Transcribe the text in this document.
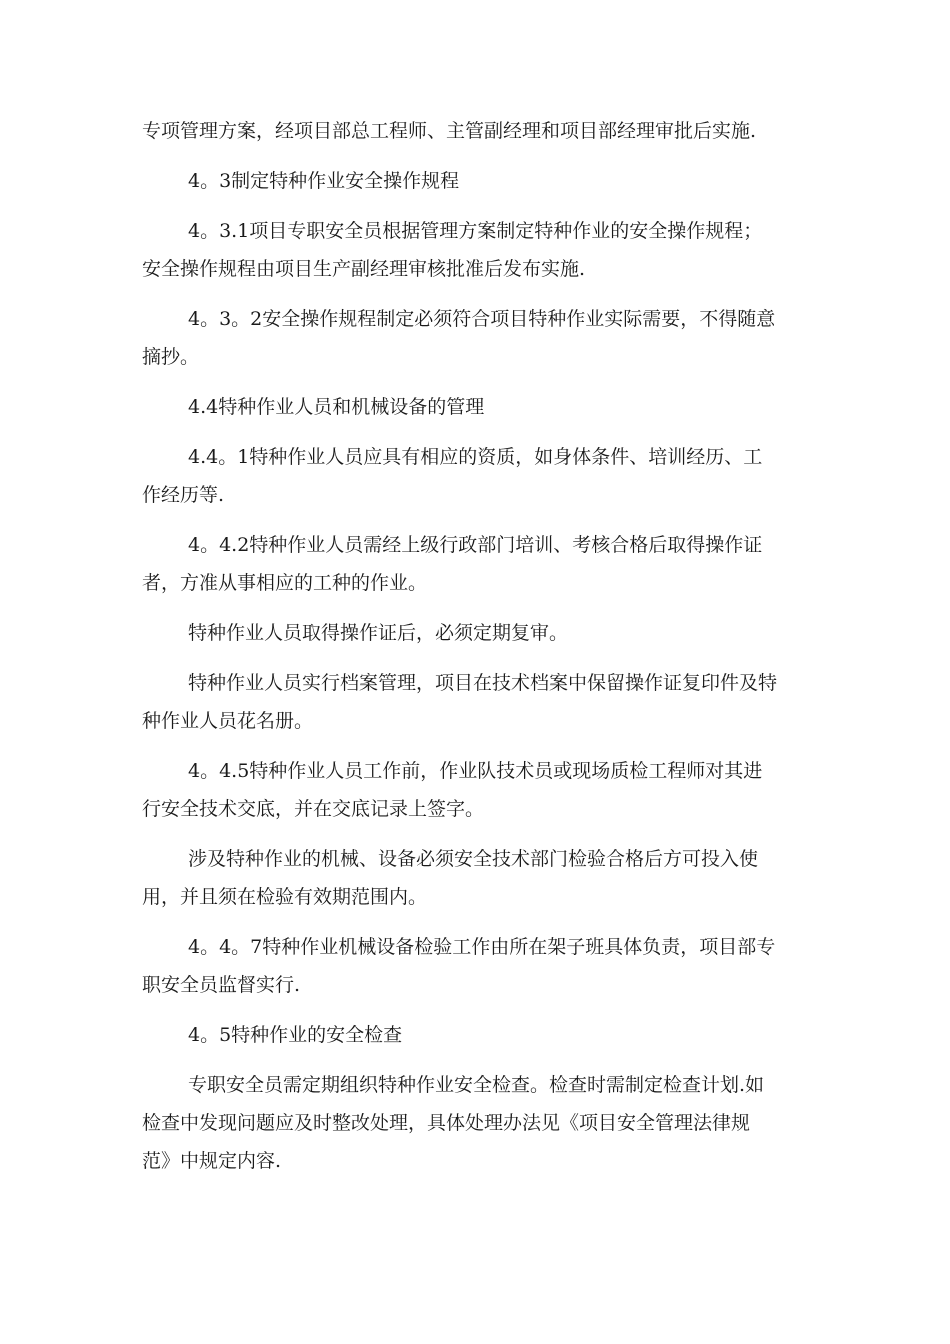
专项管理方案，经项目部总工程师、主管副经理和项目部经理审批后实施.
4。3制定特种作业安全操作规程
4。3.1项目专职安全员根据管理方案制定特种作业的安全操作规程；
安全操作规程由项目生产副经理审核批准后发布实施.
4。3。2安全操作规程制定必须符合项目特种作业实际需要，不得随意
摘抄。
4.4特种作业人员和机械设备的管理
4.4。1特种作业人员应具有相应的资质，如身体条件、培训经历、工
作经历等.
4。4.2特种作业人员需经上级行政部门培训、考核合格后取得操作证
者，方准从事相应的工种的作业。
特种作业人员取得操作证后，必须定期复审。
特种作业人员实行档案管理，项目在技术档案中保留操作证复印件及特
种作业人员花名册。
4。4.5特种作业人员工作前，作业队技术员或现场质检工程师对其进
行安全技术交底，并在交底记录上签字。
涉及特种作业的机械、设备必须安全技术部门检验合格后方可投入使
用，并且须在检验有效期范围内。
4。4。7特种作业机械设备检验工作由所在架子班具体负责，项目部专
职安全员监督实行.
4。5特种作业的安全检查
专职安全员需定期组织特种作业安全检查。检查时需制定检查计划.如
检查中发现问题应及时整改处理，具体处理办法见《项目安全管理法律规
范》中规定内容.
